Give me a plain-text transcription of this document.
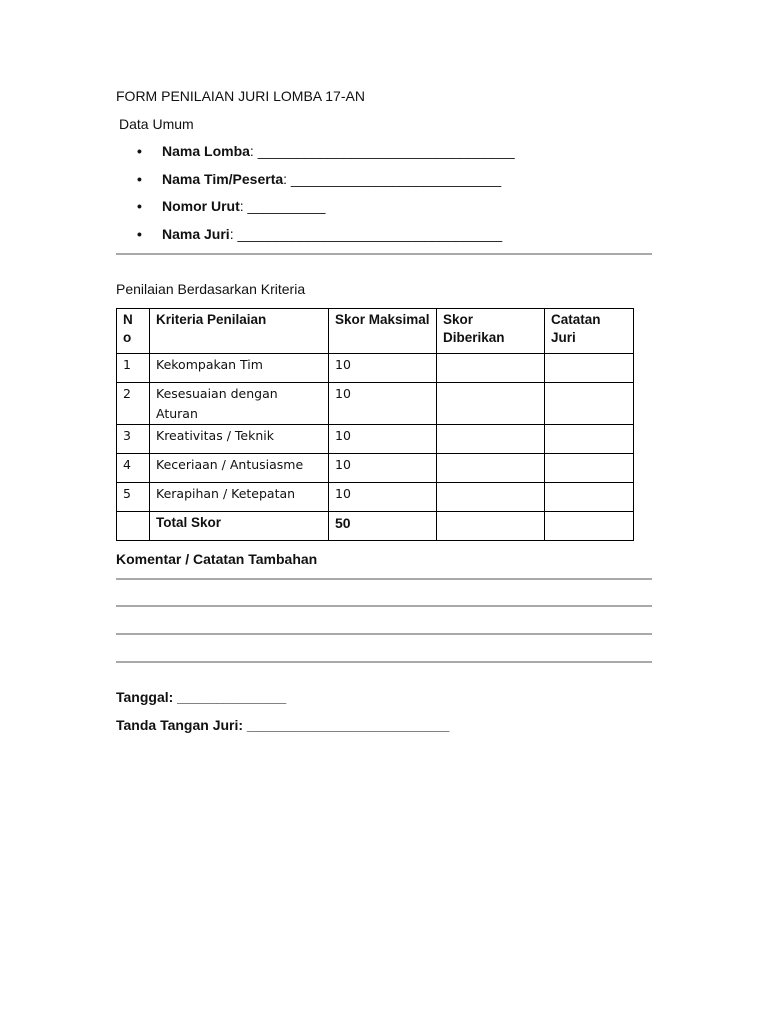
FORM PENILAIAN JURI LOMBA 17-AN
Data Umum
• Nama Lomba: _________________________________
• Nama Tim/Peserta: ___________________________
• Nomor Urut: __________
• Nama Juri: __________________________________
Penilaian Berdasarkan Kriteria
N o	Kriteria Penilaian	Skor Maksimal	Skor Diberikan	Catatan Juri
1	Kekompakan Tim	10		
2	Kesesuaian dengan Aturan	10		
3	Kreativitas / Teknik	10		
4	Keceriaan / Antusiasme	10		
5	Kerapihan / Ketepatan	10		
	Total Skor	50		
Komentar / Catatan Tambahan
Tanggal: ______________
Tanda Tangan Juri: __________________________
